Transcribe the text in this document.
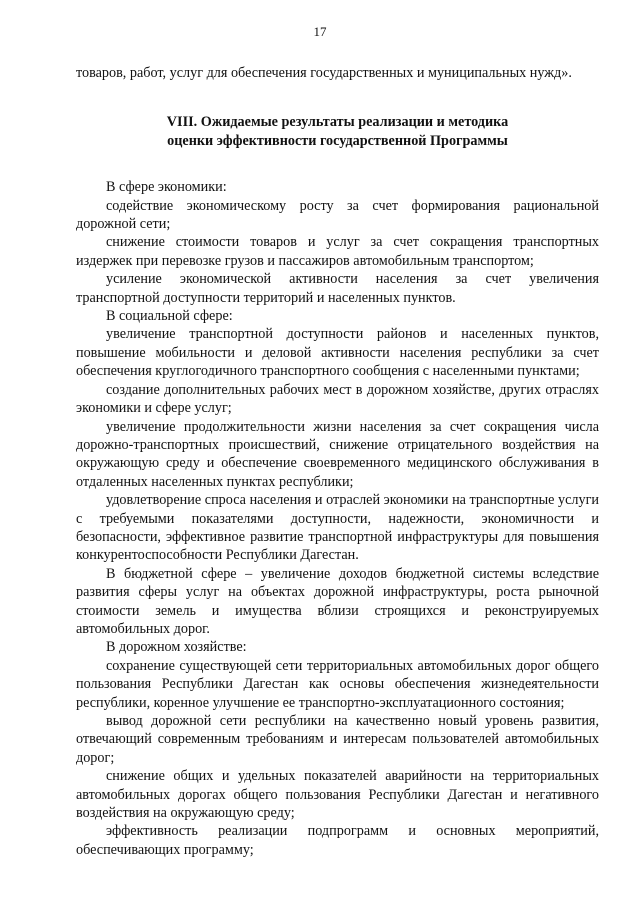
17

товаров, работ, услуг для обеспечения государственных и муниципальных нужд».

VIII. Ожидаемые результаты реализации и методика
оценки эффективности государственной Программы

В сфере экономики:

содействие экономическому росту за счет формирования рациональной дорожной сети;

снижение стоимости товаров и услуг за счет сокращения транспортных издержек при перевозке грузов и пассажиров автомобильным транспортом;

усиление экономической активности населения за счет увеличения транспортной доступности территорий и населенных пунктов.

В социальной сфере:

увеличение транспортной доступности районов и населенных пунктов, повышение мобильности и деловой активности населения республики за счет обеспечения круглогодичного транспортного сообщения с населенными пунктами;

создание дополнительных рабочих мест в дорожном хозяйстве, других отраслях экономики и сфере услуг;

увеличение продолжительности жизни населения за счет сокращения числа дорожно-транспортных происшествий, снижение отрицательного воздействия на окружающую среду и обеспечение своевременного медицинского обслуживания в отдаленных населенных пунктах республики;

удовлетворение спроса населения и отраслей экономики на транспортные услуги с требуемыми показателями доступности, надежности, экономичности и безопасности, эффективное развитие транспортной инфраструктуры для повышения конкурентоспособности Республики Дагестан.

В бюджетной сфере – увеличение доходов бюджетной системы вследствие развития сферы услуг на объектах дорожной инфраструктуры, роста рыночной стоимости земель и имущества вблизи строящихся и реконструируемых автомобильных дорог.

В дорожном хозяйстве:

сохранение существующей сети территориальных автомобильных дорог общего пользования Республики Дагестан как основы обеспечения жизнедеятельности республики, коренное улучшение ее транспортно-эксплуатационного состояния;

вывод дорожной сети республики на качественно новый уровень развития, отвечающий современным требованиям и интересам пользователей автомобильных дорог;

снижение общих и удельных показателей аварийности на территориальных автомобильных дорогах общего пользования Республики Дагестан и негативного воздействия на окружающую среду;

эффективность реализации подпрограмм и основных мероприятий, обеспечивающих программу;
